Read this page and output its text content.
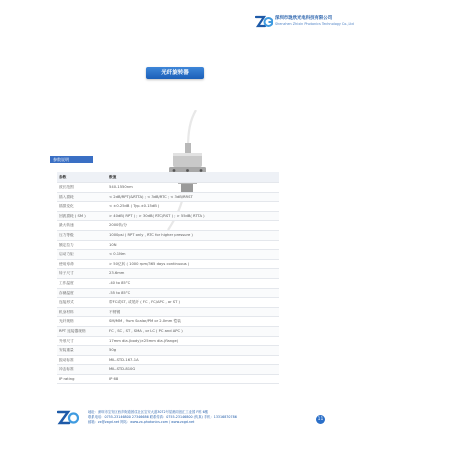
深圳市珑欣光电科技有限公司
Shenzhen Zhixin Photonics Technology Co.,Ltd
光纤旋转器
参数说明
参数	数值
波长范围	540-1550nm
插入损耗	< 2dB/RPT(&RTTA) ; < 3dB/RTC ; < 3dB/RRST
插损变化	< ±0.25dB ( Typ.±0.15dB )
回波损耗 ( SM )	> 40dB( RPT ) ; > 30dB( RTC/RST ) ; > 55dB( RTTA )
最大转速	2000转/分
压力等级	1000psi ( RPT only , RTC for higher pressure )
额定拉力	10N
启动力矩	< 0.1Nm
使用寿命	> 50亿转 ( 1000 rpm/365 days continuous )
转子尺寸	23.6mm
工作温度	-40 to 85°C
存储温度	-55 to 85°C
连接形式	带FC或ST, 或尾纤 ( FC , FC/APC , or ST )
机身材料	不锈钢
光纤规格	SM/MM , 9um Scalar/PM or 2.0mm 铠装
RPT 连接器规格	FC , SC , ST , SMA , or LC ( PC and APC )
外形尺寸	17mm dia.(body)×25mm dia.(flange)
安装重量	50g
振动标准	MIL-STD-167-1A
冲击标准	MIL-STD-810G
IP rating	IP 68
地址：深圳市宝安区西乡街道固戍社区宝安大道3072号星港同创汇工业园 F栋 6楼
联系电话：0755-23146800 27346686 联系传真：0755-23146800 (传真) 手机：13316870786
邮箱：zx@zxgd.net 网站：www.zx-photonics.com / www.zxgd.net
11
